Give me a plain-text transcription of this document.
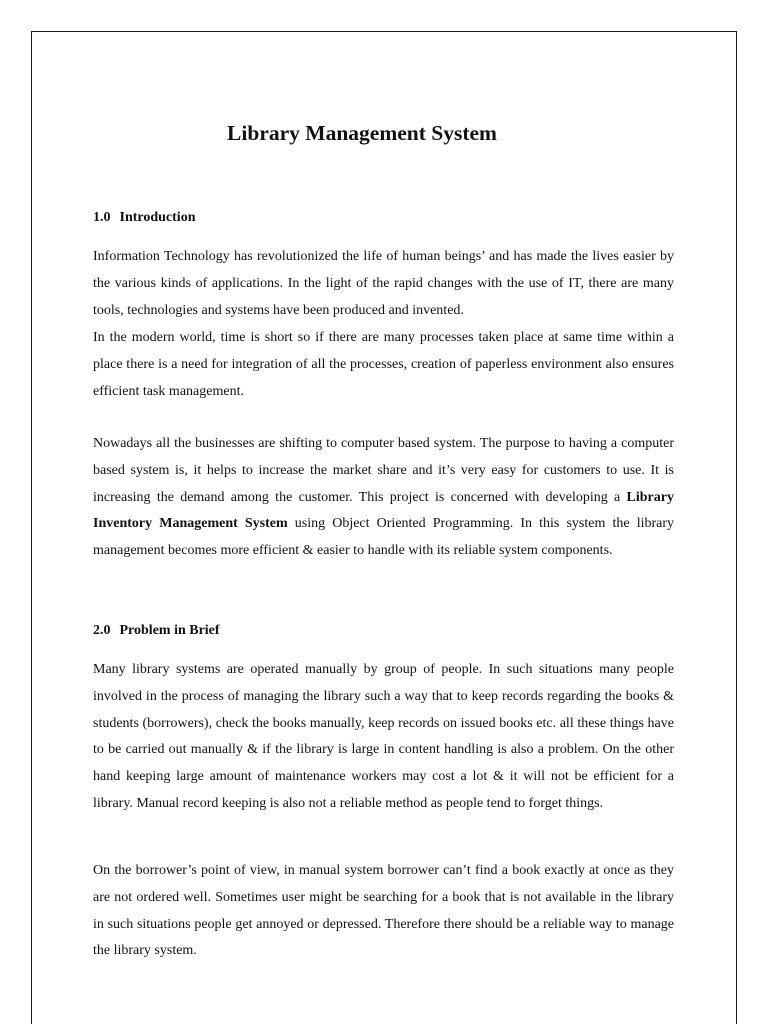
Library Management System
1.0 Introduction

Information Technology has revolutionized the life of human beings’ and has made the lives easier by the various kinds of applications. In the light of the rapid changes with the use of IT, there are many tools, technologies and systems have been produced and invented.

In the modern world, time is short so if there are many processes taken place at same time within a place there is a need for integration of all the processes, creation of paperless environment also ensures efficient task management.

Nowadays all the businesses are shifting to computer based system. The purpose to having a computer based system is, it helps to increase the market share and it’s very easy for customers to use. It is increasing the demand among the customer. This project is concerned with developing a Library Inventory Management System using Object Oriented Programming. In this system the library management becomes more efficient & easier to handle with its reliable system components.

2.0 Problem in Brief

Many library systems are operated manually by group of people. In such situations many people involved in the process of managing the library such a way that to keep records regarding the books & students (borrowers), check the books manually, keep records on issued books etc. all these things have to be carried out manually & if the library is large in content handling is also a problem. On the other hand keeping large amount of maintenance workers may cost a lot & it will not be efficient for a library. Manual record keeping is also not a reliable method as people tend to forget things.

On the borrower’s point of view, in manual system borrower can’t find a book exactly at once as they are not ordered well. Sometimes user might be searching for a book that is not available in the library in such situations people get annoyed or depressed. Therefore there should be a reliable way to manage the library system.
